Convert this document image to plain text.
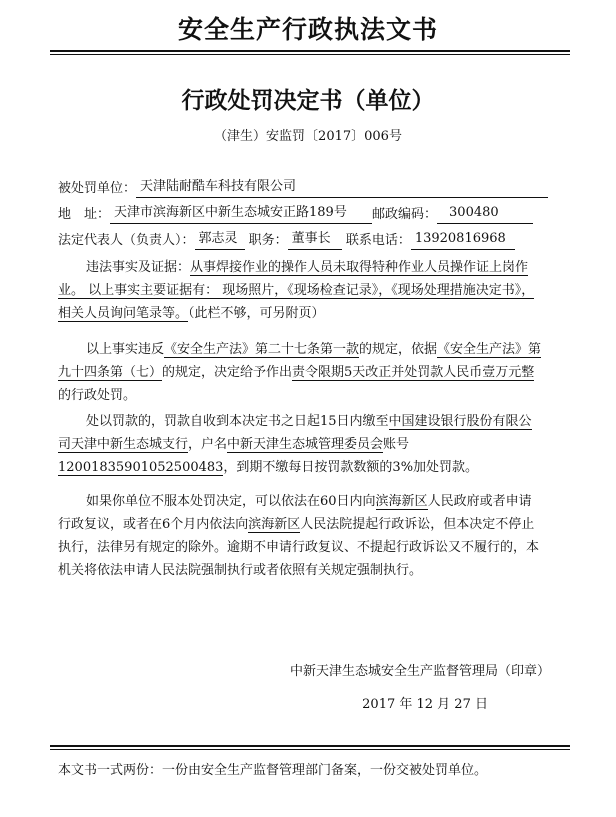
安全生产行政执法文书
行政处罚决定书（单位）
（津生）安监罚〔2017〕006号
被处罚单位： 天津陆耐酷车科技有限公司
地　址： 天津市滨海新区中新生态城安正路189号 邮政编码： 300480
法定代表人（负责人）： 郭志灵 职务： 董事长 联系电话： 13920816968
违法事实及证据：从事焊接作业的操作人员未取得特种作业人员操作证上岗作业。 以上事实主要证据有： 现场照片，《现场检查记录》，《现场处理措施决定书》，相关人员询问笔录等。（此栏不够，可另附页）
以上事实违反《安全生产法》第二十七条第一款的规定，依据《安全生产法》第九十四条第（七）的规定，决定给予作出责令限期5天改正并处罚款人民币壹万元整的行政处罚。
处以罚款的，罚款自收到本决定书之日起15日内缴至中国建设银行股份有限公司天津中新生态城支行，户名中新天津生态城管理委员会账号12001835901052500483，到期不缴每日按罚款数额的3%加处罚款。
如果你单位不服本处罚决定，可以依法在60日内向滨海新区人民政府或者申请行政复议，或者在6个月内依法向滨海新区人民法院提起行政诉讼，但本决定不停止执行，法律另有规定的除外。逾期不申请行政复议、不提起行政诉讼又不履行的，本机关将依法申请人民法院强制执行或者依照有关规定强制执行。
中新天津生态城安全生产监督管理局（印章）
2017 年 12 月 27 日
本文书一式两份：一份由安全生产监督管理部门备案，一份交被处罚单位。
